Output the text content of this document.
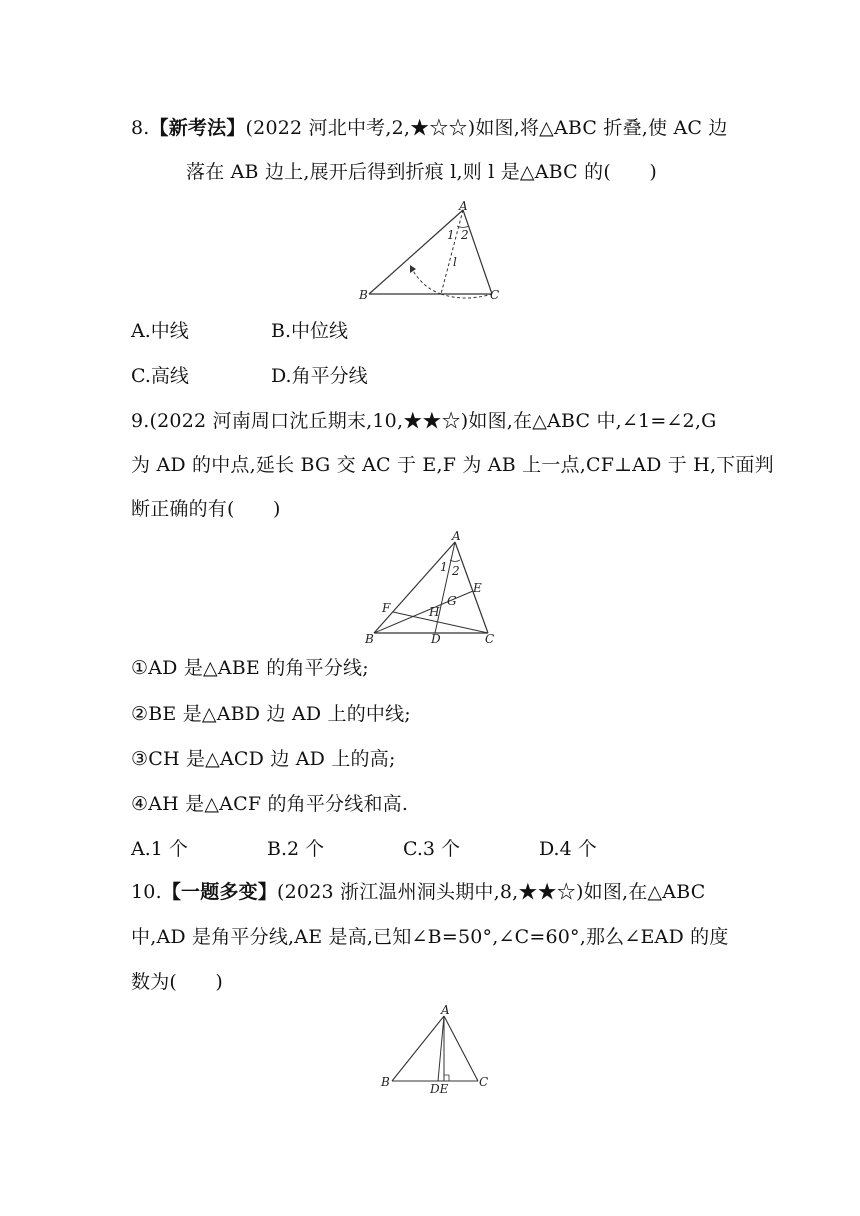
8.【新考法】(2022 河北中考,2,★☆☆)如图,将△ABC 折叠,使 AC 边
落在 AB 边上,展开后得到折痕 l,则 l 是△ABC 的(　　)
A
B	C
1 2
l
A.中线	B.中位线
C.高线	D.角平分线
9.(2022 河南周口沈丘期末,10,★★☆)如图,在△ABC 中,∠1=∠2,G
为 AD 的中点,延长 BG 交 AC 于 E,F 为 AB 上一点,CF⊥AD 于 H,下面判
断正确的有(　　)
A
B	C
D
E
F	G
H
1 2
①AD 是△ABE 的角平分线;
②BE 是△ABD 边 AD 上的中线;
③CH 是△ACD 边 AD 上的高;
④AH 是△ACF 的角平分线和高.
A.1 个	B.2 个	C.3 个	D.4 个
10.【一题多变】(2023 浙江温州洞头期中,8,★★☆)如图,在△ABC
中,AD 是角平分线,AE 是高,已知∠B=50°,∠C=60°,那么∠EAD 的度
数为(　　)
A
B	C
DE
